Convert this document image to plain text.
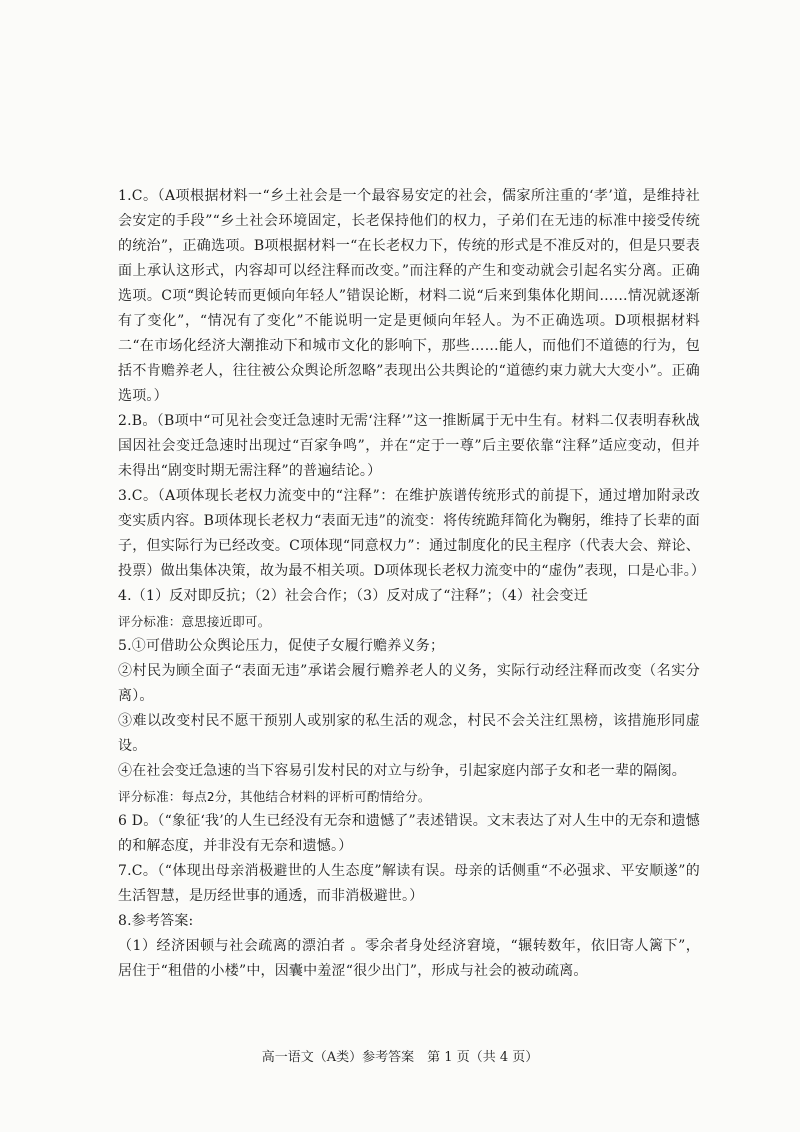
1.C。（A项根据材料一“乡土社会是一个最容易安定的社会，儒家所注重的‘孝’道，是维持社会安定的手段”“乡土社会环境固定，长老保持他们的权力，子弟们在无违的标准中接受传统的统治”，正确选项。B项根据材料一“在长老权力下，传统的形式是不准反对的，但是只要表面上承认这形式，内容却可以经注释而改变。”而注释的产生和变动就会引起名实分离。正确选项。C项“舆论转而更倾向年轻人”错误论断，材料二说“后来到集体化期间……情况就逐渐有了变化”，“情况有了变化”不能说明一定是更倾向年轻人。为不正确选项。D项根据材料二“在市场化经济大潮推动下和城市文化的影响下，那些……能人，而他们不道德的行为，包括不肯赡养老人，往往被公众舆论所忽略”表现出公共舆论的“道德约束力就大大变小”。正确选项。）

2.B。（B项中“可见社会变迁急速时无需‘注释’”这一推断属于无中生有。材料二仅表明春秋战国因社会变迁急速时出现过“百家争鸣”，并在“定于一尊”后主要依靠“注释”适应变动，但并未得出“剧变时期无需注释”的普遍结论。）

3.C。（A项体现长老权力流变中的“注释”：在维护族谱传统形式的前提下，通过增加附录改变实质内容。B项体现长老权力“表面无违”的流变：将传统跪拜简化为鞠躬，维持了长辈的面子，但实际行为已经改变。C项体现“同意权力”：通过制度化的民主程序（代表大会、辩论、投票）做出集体决策，故为最不相关项。D项体现长老权力流变中的“虚伪”表现，口是心非。）

4.（1）反对即反抗；（2）社会合作；（3）反对成了“注释”；（4）社会变迁

评分标准：意思接近即可。

5.①可借助公众舆论压力，促使子女履行赡养义务；

②村民为顾全面子“表面无违”承诺会履行赡养老人的义务，实际行动经注释而改变（名实分离）。

③难以改变村民不愿干预别人或别家的私生活的观念，村民不会关注红黑榜，该措施形同虚设。

④在社会变迁急速的当下容易引发村民的对立与纷争，引起家庭内部子女和老一辈的隔阂。

评分标准：每点2分，其他结合材料的评析可酌情给分。

6 D。（“象征‘我’的人生已经没有无奈和遗憾了”表述错误。文末表达了对人生中的无奈和遗憾的和解态度，并非没有无奈和遗憾。）

7.C。（“体现出母亲消极避世的人生态度”解读有误。母亲的话侧重“不必强求、平安顺遂”的生活智慧，是历经世事的通透，而非消极避世。）

8.参考答案:

（1）经济困顿与社会疏离的漂泊者 。零余者身处经济窘境，“辗转数年，依旧寄人篱下”，居住于“租借的小楼”中，因囊中羞涩“很少出门”，形成与社会的被动疏离。

高一语文（A类）参考答案　第 1 页（共 4 页）
